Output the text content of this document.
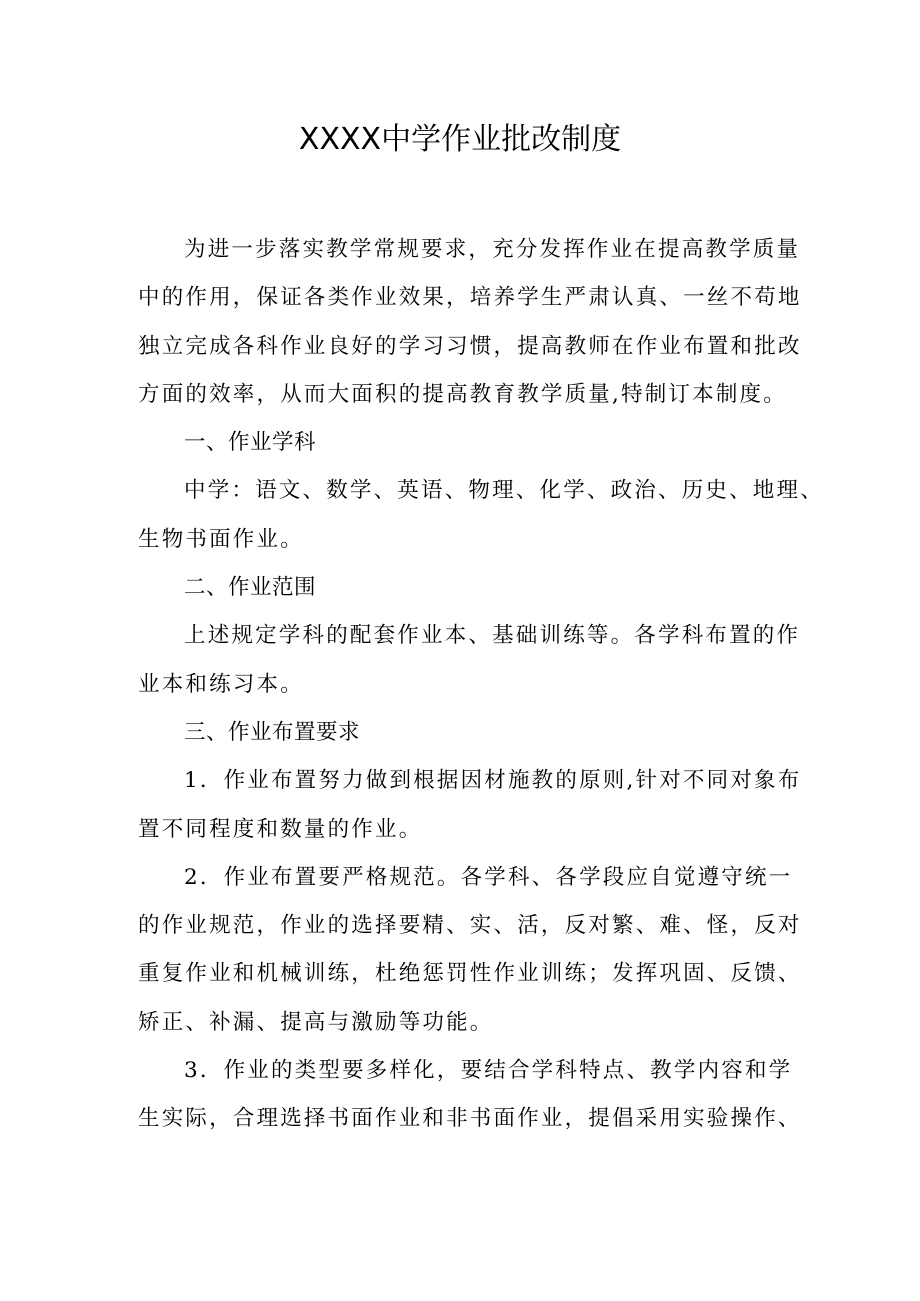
XXXX中学作业批改制度
为进一步落实教学常规要求，充分发挥作业在提高教学质量
中的作用，保证各类作业效果，培养学生严肃认真、一丝不苟地
独立完成各科作业良好的学习习惯，提高教师在作业布置和批改
方面的效率，从而大面积的提高教育教学质量,特制订本制度。
一、作业学科
中学：语文、数学、英语、物理、化学、政治、历史、地理、
生物书面作业。
二、作业范围
上述规定学科的配套作业本、基础训练等。各学科布置的作
业本和练习本。
三、作业布置要求
1．作业布置努力做到根据因材施教的原则,针对不同对象布
置不同程度和数量的作业。
2．作业布置要严格规范。各学科、各学段应自觉遵守统一
的作业规范，作业的选择要精、实、活，反对繁、难、怪，反对
重复作业和机械训练，杜绝惩罚性作业训练；发挥巩固、反馈、
矫正、补漏、提高与激励等功能。
3．作业的类型要多样化，要结合学科特点、教学内容和学
生实际，合理选择书面作业和非书面作业，提倡采用实验操作、
